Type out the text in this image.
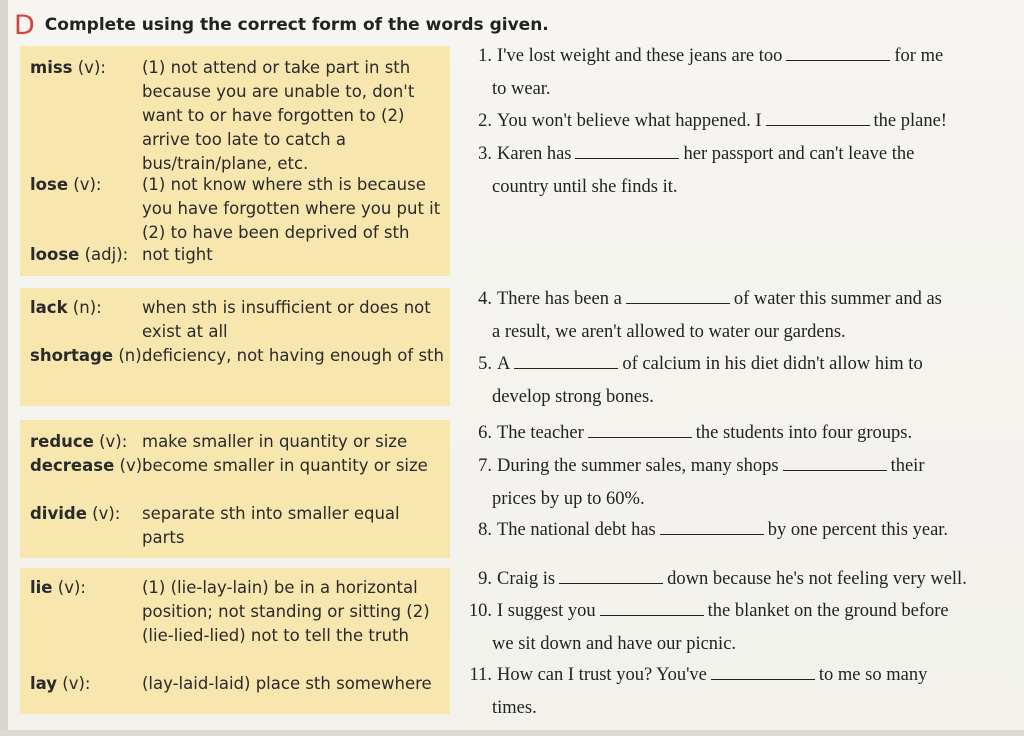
D Complete using the correct form of the words given.
miss (v): (1) not attend or take part in sth because you are unable to, don't want to or have forgotten to (2) arrive too late to catch a bus/train/plane, etc.
lose (v): (1) not know where sth is because you have forgotten where you put it (2) to have been deprived of sth
loose (adj): not tight
lack (n): when sth is insufficient or does not exist at all
shortage (n):
deficiency, not having enough of sth
reduce (v): make smaller in quantity or size
decrease (v):
become smaller in quantity or size
divide (v): separate sth into smaller equal parts
lie (v):	(1) (lie-lay-lain) be in a horizontal position; not standing or sitting (2) (lie-lied-lied) not to tell the truth
lay (v):	(lay-laid-laid) place sth somewhere
1. I've lost weight and these jeans are too	for me
to wear.
2. You won't believe what happened. I	the plane!
3. Karen has	her passport and can't leave the
country until she finds it.
4. There has been a	of water this summer and as
a result, we aren't allowed to water our gardens.
5. A	of calcium in his diet didn't allow him to
develop strong bones.
6. The teacher	the students into four groups.
7. During the summer sales, many shops	their
prices by up to 60%.
8. The national debt has	by one percent this year.
9. Craig is	down because he's not feeling very well.
10. I suggest you	the blanket on the ground before
we sit down and have our picnic.
11. How can I trust you? You've	to me so many
times.
